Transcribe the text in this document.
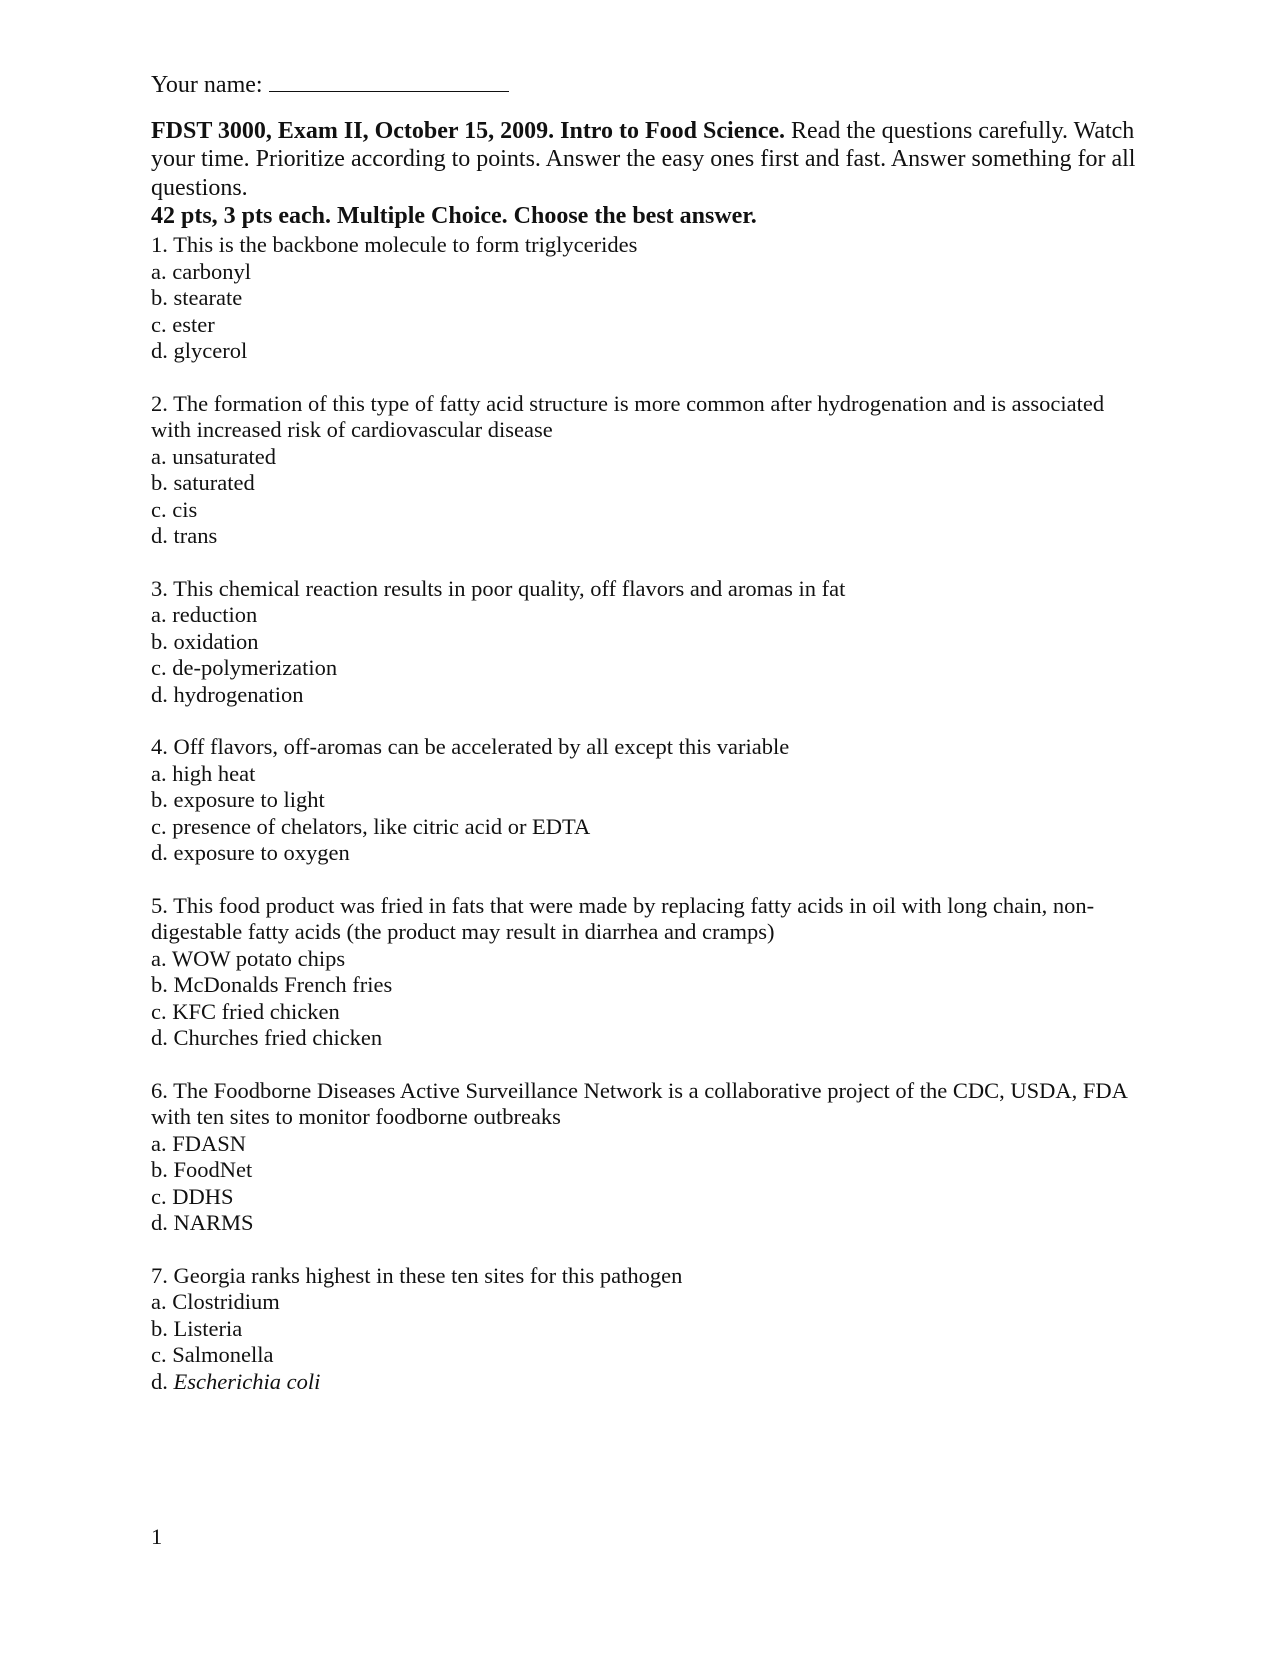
Your name:

FDST 3000, Exam II, October 15, 2009. Intro to Food Science. Read the questions carefully. Watch your time. Prioritize according to points. Answer the easy ones first and fast. Answer something for all questions.

42 pts, 3 pts each. Multiple Choice. Choose the best answer.

1. This is the backbone molecule to form triglycerides

a. carbonyl

b. stearate

c. ester

d. glycerol

2. The formation of this type of fatty acid structure is more common after hydrogenation and is associated with increased risk of cardiovascular disease

a. unsaturated

b. saturated

c. cis

d. trans

3. This chemical reaction results in poor quality, off flavors and aromas in fat

a. reduction

b. oxidation

c. de-polymerization

d. hydrogenation

4. Off flavors, off-aromas can be accelerated by all except this variable

a. high heat

b. exposure to light

c. presence of chelators, like citric acid or EDTA

d. exposure to oxygen

5. This food product was fried in fats that were made by replacing fatty acids in oil with long chain, non-digestable fatty acids (the product may result in diarrhea and cramps)

a. WOW potato chips

b. McDonalds French fries

c. KFC fried chicken

d. Churches fried chicken

6. The Foodborne Diseases Active Surveillance Network is a collaborative project of the CDC, USDA, FDA with ten sites to monitor foodborne outbreaks

a. FDASN

b. FoodNet

c. DDHS

d. NARMS

7. Georgia ranks highest in these ten sites for this pathogen

a. Clostridium

b. Listeria

c. Salmonella

d. Escherichia coli

1
